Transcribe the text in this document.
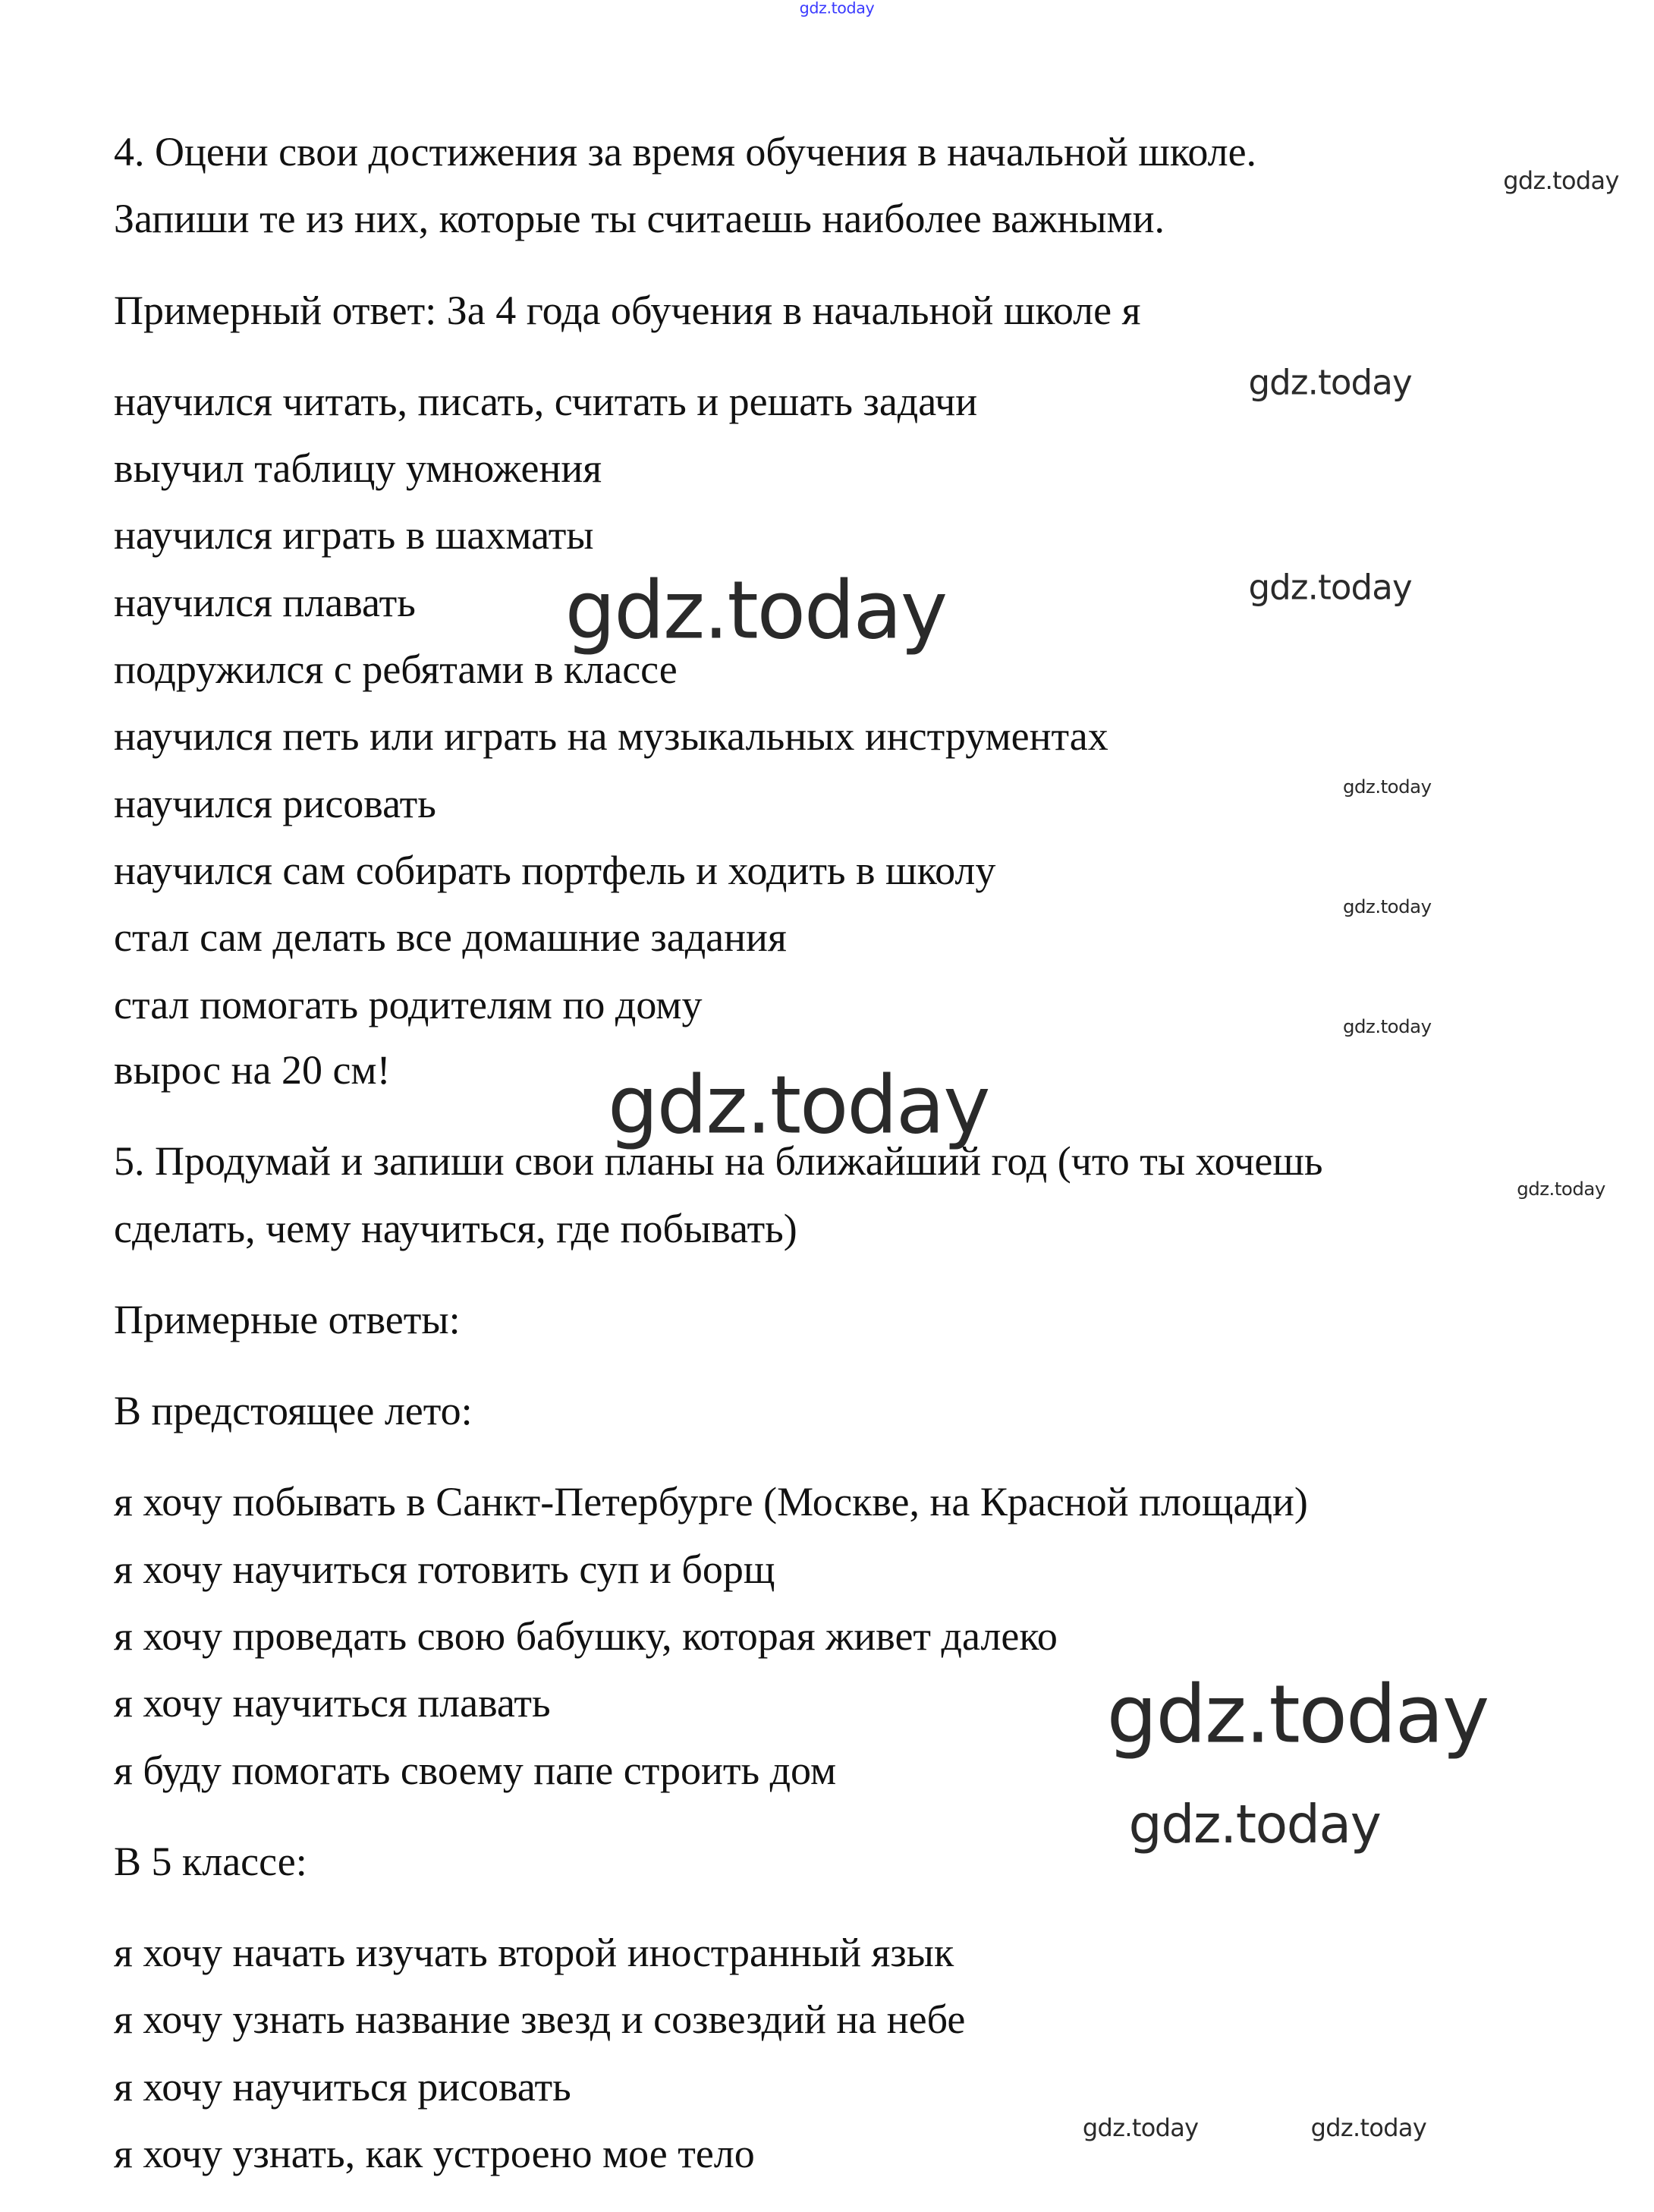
4. Оцени свои достижения за время обучения в начальной школе.
Запиши те из них, которые ты считаешь наиболее важными.
Примерный ответ: За 4 года обучения в начальной школе я
научился читать, писать, считать и решать задачи
выучил таблицу умножения
научился играть в шахматы
научился плавать
подружился с ребятами в классе
научился петь или играть на музыкальных инструментах
научился рисовать
научился сам собирать портфель и ходить в школу
стал сам делать все домашние задания
стал помогать родителям по дому
вырос на 20 см!
5. Продумай и запиши свои планы на ближайший год (что ты хочешь
сделать, чему научиться, где побывать)
Примерные ответы:
В предстоящее лето:
я хочу побывать в Санкт-Петербурге (Москве, на Красной площади)
я хочу научиться готовить суп и борщ
я хочу проведать свою бабушку, которая живет далеко
я хочу научиться плавать
я буду помогать своему папе строить дом
В 5 классе:
я хочу начать изучать второй иностранный язык
я хочу узнать название звезд и созвездий на небе
я хочу научиться рисовать
я хочу узнать, как устроено мое тело
gdz.today
gdz.today
gdz.today
gdz.today	gdz.today
gdz.today
gdz.today
gdz.today
gdz.today
gdz.today
gdz.today
gdz.today
gdz.today	gdz.today
